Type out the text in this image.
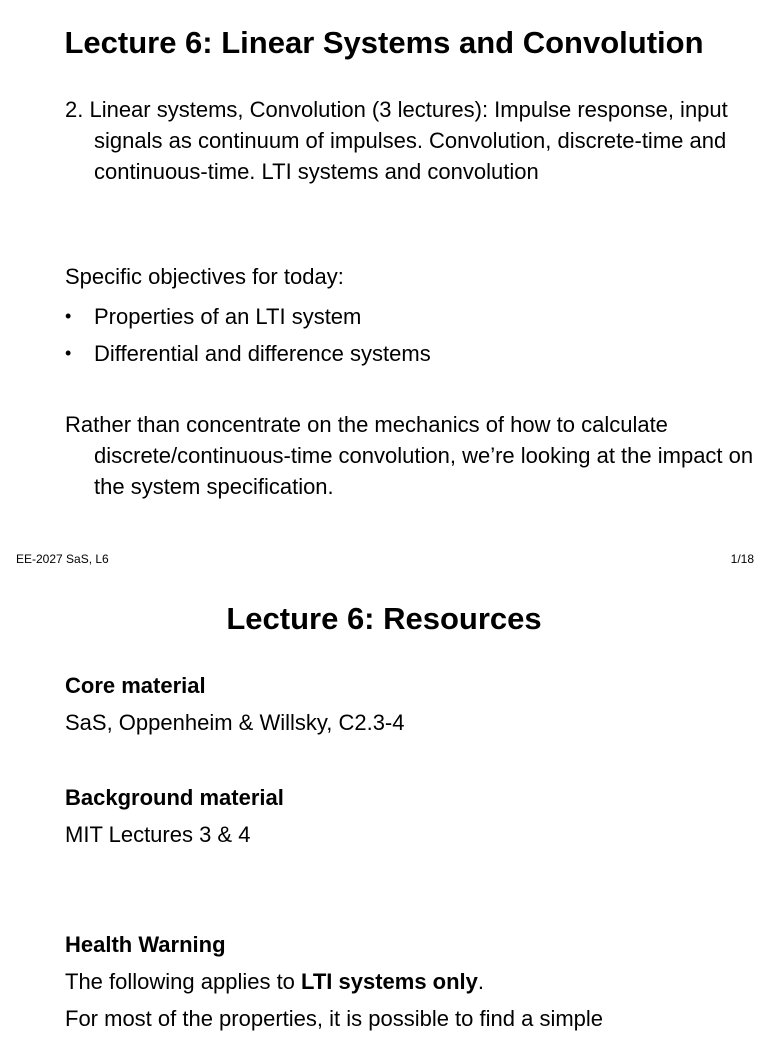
Lecture 6: Linear Systems and Convolution

2. Linear systems, Convolution (3 lectures): Impulse response, input signals as continuum of impulses. Convolution, discrete-time and continuous-time. LTI systems and convolution

Specific objectives for today:

• Properties of an LTI system
• Differential and difference systems

Rather than concentrate on the mechanics of how to calculate discrete/continuous-time convolution, we’re looking at the impact on the system specification.

EE-2027 SaS, L6	1/18
Lecture 6: Resources
Core material
SaS, Oppenheim & Willsky, C2.3-4
Background material
MIT Lectures 3 & 4
Health Warning
The following applies to LTI systems only.
For most of the properties, it is possible to find a simple
